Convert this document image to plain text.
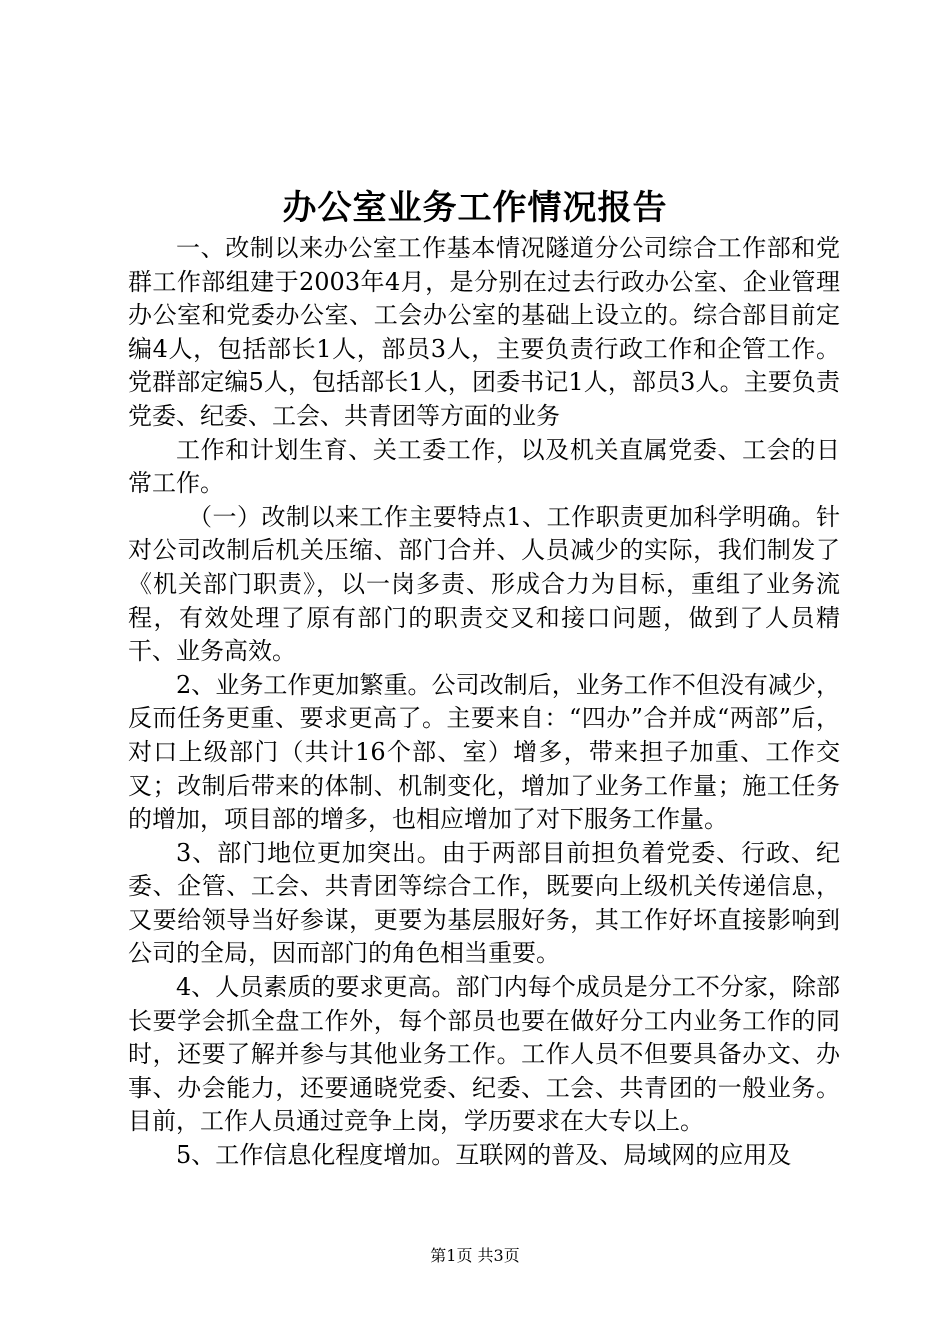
办公室业务工作情况报告

一、改制以来办公室工作基本情况隧道分公司综合工作部和党群工作部组建于2003年4月，是分别在过去行政办公室、企业管理办公室和党委办公室、工会办公室的基础上设立的。综合部目前定编4人，包括部长1人，部员3人，主要负责行政工作和企管工作。党群部定编5人，包括部长1人，团委书记1人，部员3人。主要负责党委、纪委、工会、共青团等方面的业务

工作和计划生育、关工委工作，以及机关直属党委、工会的日常工作。

（一）改制以来工作主要特点1、工作职责更加科学明确。针对公司改制后机关压缩、部门合并、人员减少的实际，我们制发了《机关部门职责》，以一岗多责、形成合力为目标，重组了业务流程，有效处理了原有部门的职责交叉和接口问题，做到了人员精干、业务高效。

2、业务工作更加繁重。公司改制后，业务工作不但没有减少，反而任务更重、要求更高了。主要来自：“四办”合并成“两部”后，对口上级部门（共计16个部、室）增多，带来担子加重、工作交叉；改制后带来的体制、机制变化，增加了业务工作量；施工任务的增加，项目部的增多，也相应增加了对下服务工作量。

3、部门地位更加突出。由于两部目前担负着党委、行政、纪委、企管、工会、共青团等综合工作，既要向上级机关传递信息，又要给领导当好参谋，更要为基层服好务，其工作好坏直接影响到公司的全局，因而部门的角色相当重要。

4、人员素质的要求更高。部门内每个成员是分工不分家，除部长要学会抓全盘工作外，每个部员也要在做好分工内业务工作的同时，还要了解并参与其他业务工作。工作人员不但要具备办文、办事、办会能力，还要通晓党委、纪委、工会、共青团的一般业务。目前，工作人员通过竞争上岗，学历要求在大专以上。

5、工作信息化程度增加。互联网的普及、局域网的应用及

第1页 共3页
